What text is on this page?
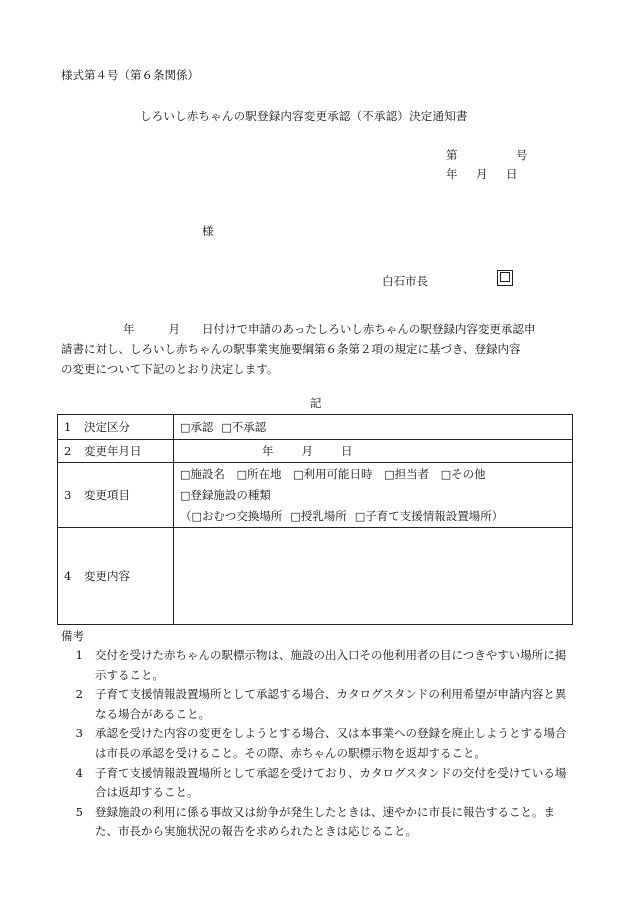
様式第４号（第６条関係）
しろいし赤ちゃんの駅登録内容変更承認（不承認）決定通知書
第	号
年 月 日
様
白石市長
年	月 日付けで申請のあったしろいし赤ちゃんの駅登録内容変更承認申
請書に対し、しろいし赤ちゃんの駅事業実施要綱第６条第２項の規定に基づき、登録内容
の変更について下記のとおり決定します。
記
1 決定区分	□承認 □不承認
2 変更年月日	年 月 日
3 変更項目	□施設名 □所在地 □利用可能日時 □担当者 □その他
□登録施設の種類
（□おむつ交換場所 □授乳場所 □子育て支援情報設置場所）

4 変更内容	
備考
1	交付を受けた赤ちゃんの駅標示物は、施設の出入口その他利用者の目につきやすい場所に掲示すること。
2	子育て支援情報設置場所として承認する場合、カタログスタンドの利用希望が申請内容と異なる場合があること。
3	承認を受けた内容の変更をしようとする場合、又は本事業への登録を廃止しようとする場合は市長の承認を受けること。その際、赤ちゃんの駅標示物を返却すること。
4	子育て支援情報設置場所として承認を受けており、カタログスタンドの交付を受けている場合は返却すること。
5	登録施設の利用に係る事故又は紛争が発生したときは、速やかに市長に報告すること。また、市長から実施状況の報告を求められたときは応じること。
